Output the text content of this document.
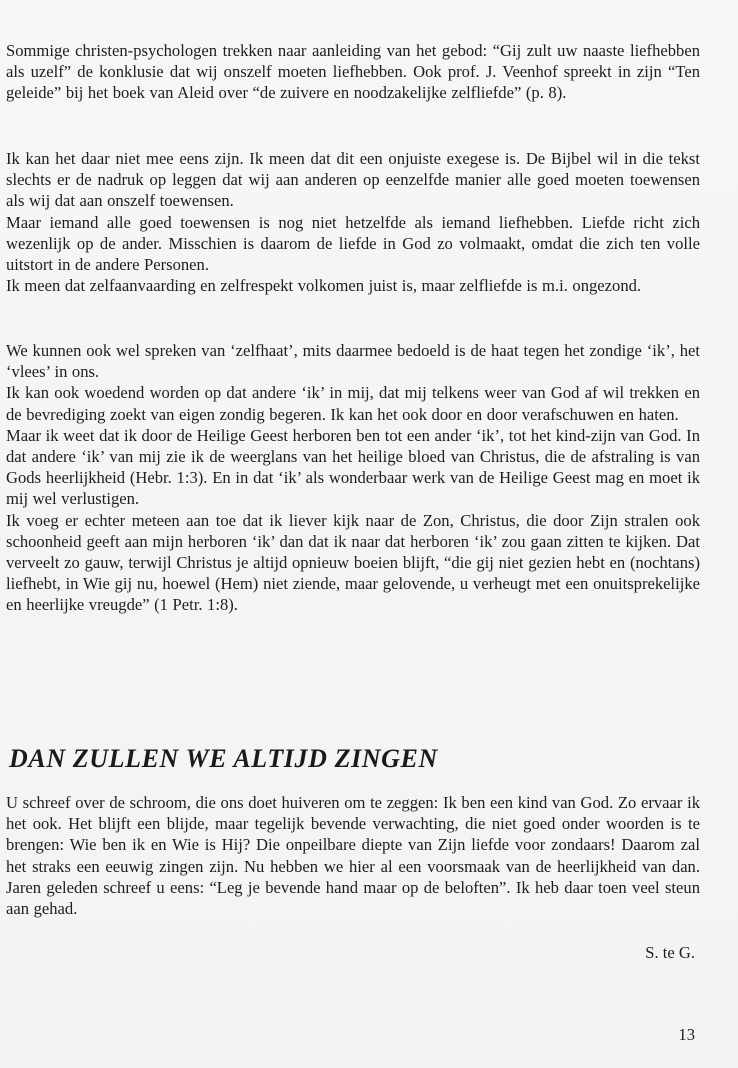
Sommige christen-psychologen trekken naar aanleiding van het gebod: “Gij zult uw naaste liefhebben als uzelf” de konklusie dat wij onszelf moeten liefhebben. Ook prof. J. Veenhof spreekt in zijn “Ten geleide” bij het boek van Aleid over “de zuivere en noodzakelijke zelfliefde” (p. 8).

Ik kan het daar niet mee eens zijn. Ik meen dat dit een onjuiste exegese is. De Bijbel wil in die tekst slechts er de nadruk op leggen dat wij aan anderen op eenzelfde manier alle goed moeten toewensen als wij dat aan onszelf toewensen.

Maar iemand alle goed toewensen is nog niet hetzelfde als iemand liefhebben. Liefde richt zich wezenlijk op de ander. Misschien is daarom de liefde in God zo volmaakt, omdat die zich ten volle uitstort in de andere Personen.

Ik meen dat zelfaanvaarding en zelfrespekt volkomen juist is, maar zelfliefde is m.i. ongezond.

We kunnen ook wel spreken van ‘zelfhaat’, mits daarmee bedoeld is de haat tegen het zondige ‘ik’, het ‘vlees’ in ons.

Ik kan ook woedend worden op dat andere ‘ik’ in mij, dat mij telkens weer van God af wil trekken en de bevrediging zoekt van eigen zondig begeren. Ik kan het ook door en door verafschuwen en haten.

Maar ik weet dat ik door de Heilige Geest herboren ben tot een ander ‘ik’, tot het kind-zijn van God. In dat andere ‘ik’ van mij zie ik de weerglans van het heilige bloed van Christus, die de afstraling is van Gods heerlijkheid (Hebr. 1:3). En in dat ‘ik’ als wonderbaar werk van de Heilige Geest mag en moet ik mij wel verlustigen.

Ik voeg er echter meteen aan toe dat ik liever kijk naar de Zon, Christus, die door Zijn stralen ook schoonheid geeft aan mijn herboren ‘ik’ dan dat ik naar dat herboren ‘ik’ zou gaan zitten te kijken. Dat verveelt zo gauw, terwijl Christus je altijd opnieuw boeien blijft, “die gij niet gezien hebt en (nochtans) liefhebt, in Wie gij nu, hoewel (Hem) niet ziende, maar gelovende, u verheugt met een onuitsprekelijke en heerlijke vreugde” (1 Petr. 1:8).

DAN ZULLEN WE ALTIJD ZINGEN

U schreef over de schroom, die ons doet huiveren om te zeggen: Ik ben een kind van God. Zo ervaar ik het ook. Het blijft een blijde, maar tegelijk bevende verwachting, die niet goed onder woorden is te brengen: Wie ben ik en Wie is Hij? Die onpeilbare diepte van Zijn liefde voor zondaars! Daarom zal het straks een eeuwig zingen zijn. Nu hebben we hier al een voorsmaak van de heerlijkheid van dan. Jaren geleden schreef u eens: “Leg je bevende hand maar op de beloften”. Ik heb daar toen veel steun aan gehad.

S. te G.
13
